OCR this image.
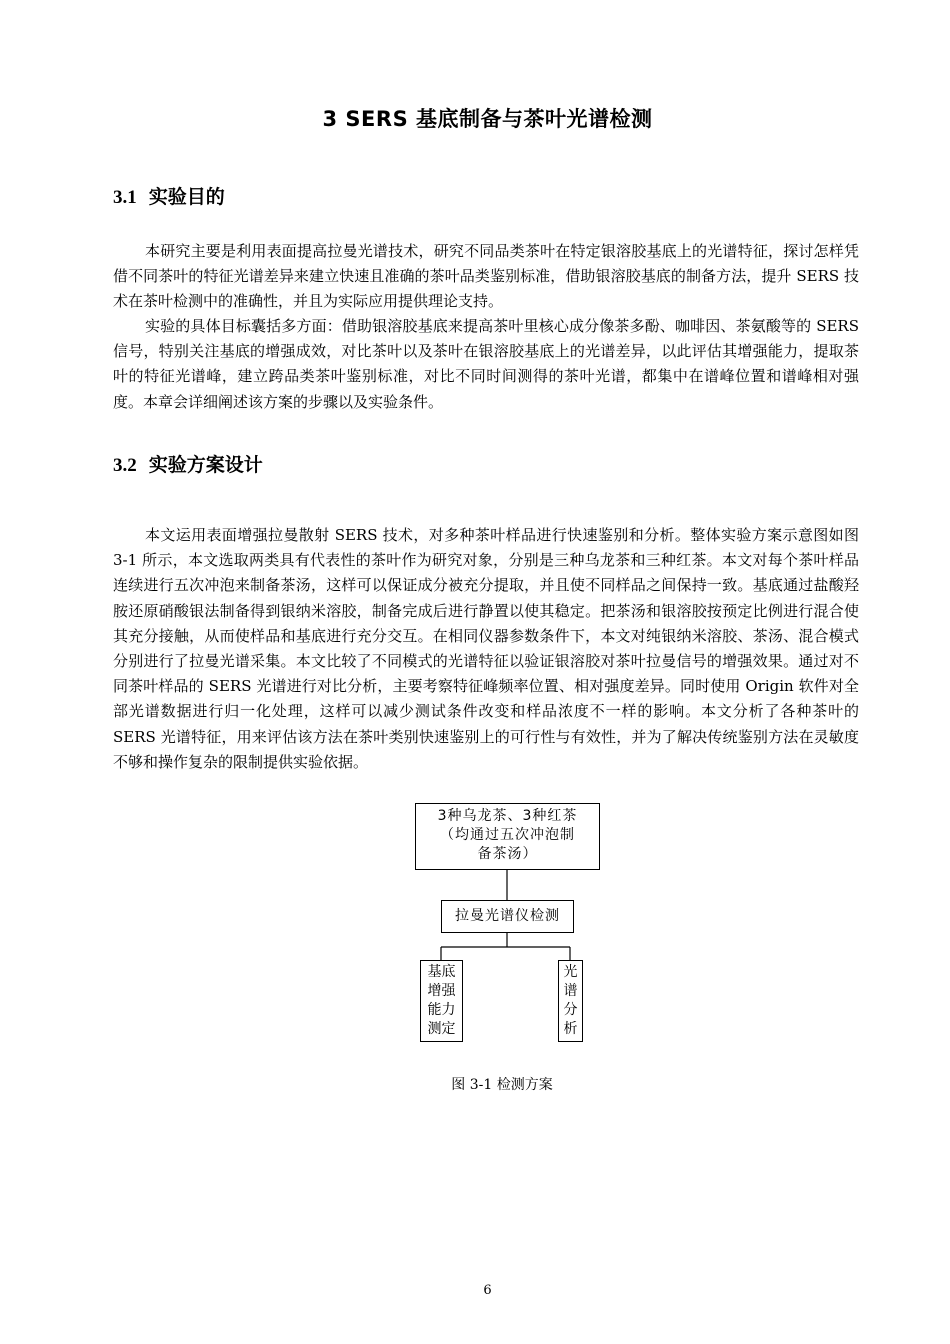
3 SERS 基底制备与茶叶光谱检测
3.1 实验目的

本研究主要是利用表面提高拉曼光谱技术，研究不同品类茶叶在特定银溶胶基底上的光谱特征，探讨怎样凭借不同茶叶的特征光谱差异来建立快速且准确的茶叶品类鉴别标准，借助银溶胶基底的制备方法，提升 SERS 技术在茶叶检测中的准确性，并且为实际应用提供理论支持。

实验的具体目标囊括多方面：借助银溶胶基底来提高茶叶里核心成分像茶多酚、咖啡因、茶氨酸等的 SERS 信号，特别关注基底的增强成效，对比茶叶以及茶叶在银溶胶基底上的光谱差异，以此评估其增强能力，提取茶叶的特征光谱峰，建立跨品类茶叶鉴别标准，对比不同时间测得的茶叶光谱，都集中在谱峰位置和谱峰相对强度。本章会详细阐述该方案的步骤以及实验条件。

3.2 实验方案设计

本文运用表面增强拉曼散射 SERS 技术，对多种茶叶样品进行快速鉴别和分析。整体实验方案示意图如图 3-1 所示，本文选取两类具有代表性的茶叶作为研究对象，分别是三种乌龙茶和三种红茶。本文对每个茶叶样品连续进行五次冲泡来制备茶汤，这样可以保证成分被充分提取，并且使不同样品之间保持一致。基底通过盐酸羟胺还原硝酸银法制备得到银纳米溶胶，制备完成后进行静置以使其稳定。把茶汤和银溶胶按预定比例进行混合使其充分接触，从而使样品和基底进行充分交互。在相同仪器参数条件下，本文对纯银纳米溶胶、茶汤、混合模式分别进行了拉曼光谱采集。本文比较了不同模式的光谱特征以验证银溶胶对茶叶拉曼信号的增强效果。通过对不同茶叶样品的 SERS 光谱进行对比分析，主要考察特征峰频率位置、相对强度差异。同时使用 Origin 软件对全部光谱数据进行归一化处理，这样可以减少测试条件改变和样品浓度不一样的影响。本文分析了各种茶叶的 SERS 光谱特征，用来评估该方法在茶叶类别快速鉴别上的可行性与有效性，并为了解决传统鉴别方法在灵敏度不够和操作复杂的限制提供实验依据。

3种乌龙茶、3种红茶
（均通过五次冲泡制
备茶汤）
拉曼光谱仪检测
基底
增强
能力
测定
光
谱
分
析
图 3-1 检测方案
6
